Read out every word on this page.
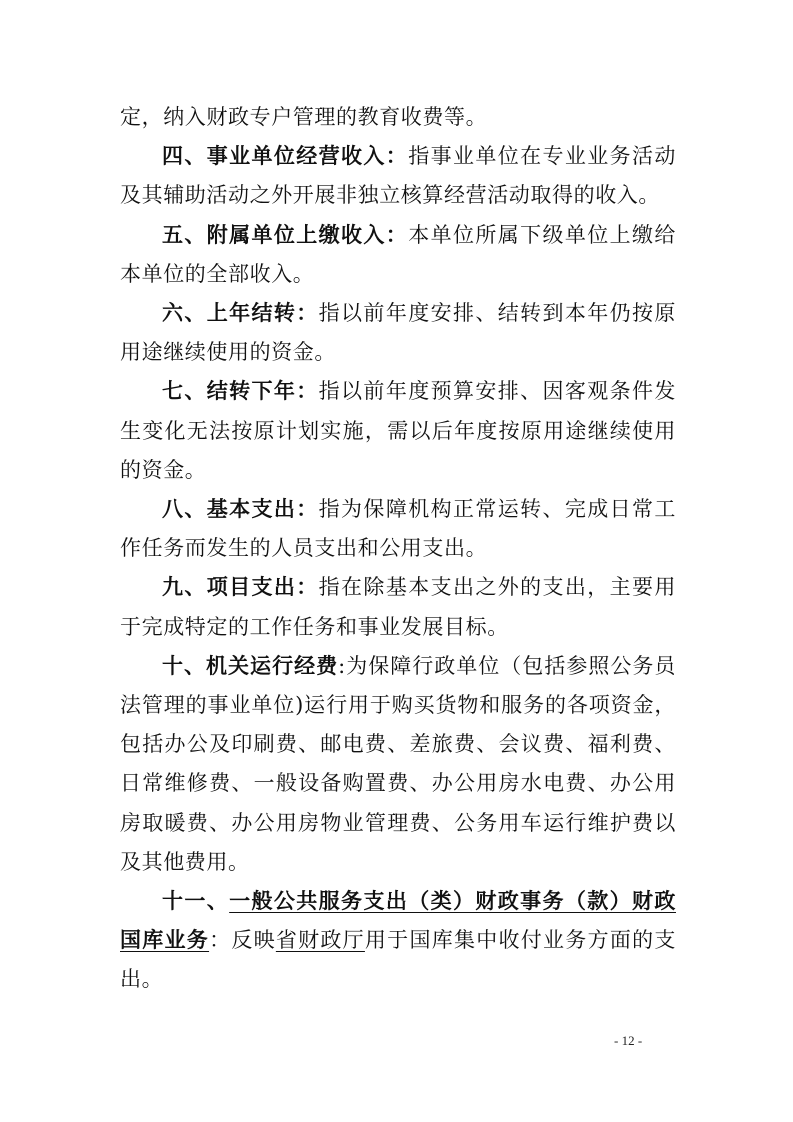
定，纳入财政专户管理的教育收费等。

四、事业单位经营收入：指事业单位在专业业务活动及其辅助活动之外开展非独立核算经营活动取得的收入。

五、附属单位上缴收入：本单位所属下级单位上缴给本单位的全部收入。

六、上年结转：指以前年度安排、结转到本年仍按原用途继续使用的资金。

七、结转下年：指以前年度预算安排、因客观条件发生变化无法按原计划实施，需以后年度按原用途继续使用的资金。

八、基本支出：指为保障机构正常运转、完成日常工作任务而发生的人员支出和公用支出。

九、项目支出：指在除基本支出之外的支出，主要用于完成特定的工作任务和事业发展目标。

十、机关运行经费:为保障行政单位（包括参照公务员法管理的事业单位)运行用于购买货物和服务的各项资金，包括办公及印刷费、邮电费、差旅费、会议费、福利费、日常维修费、一般设备购置费、办公用房水电费、办公用房取暖费、办公用房物业管理费、公务用车运行维护费以及其他费用。

十一、一般公共服务支出（类）财政事务（款）财政国库业务：反映省财政厅用于国库集中收付业务方面的支出。

- 12 -
